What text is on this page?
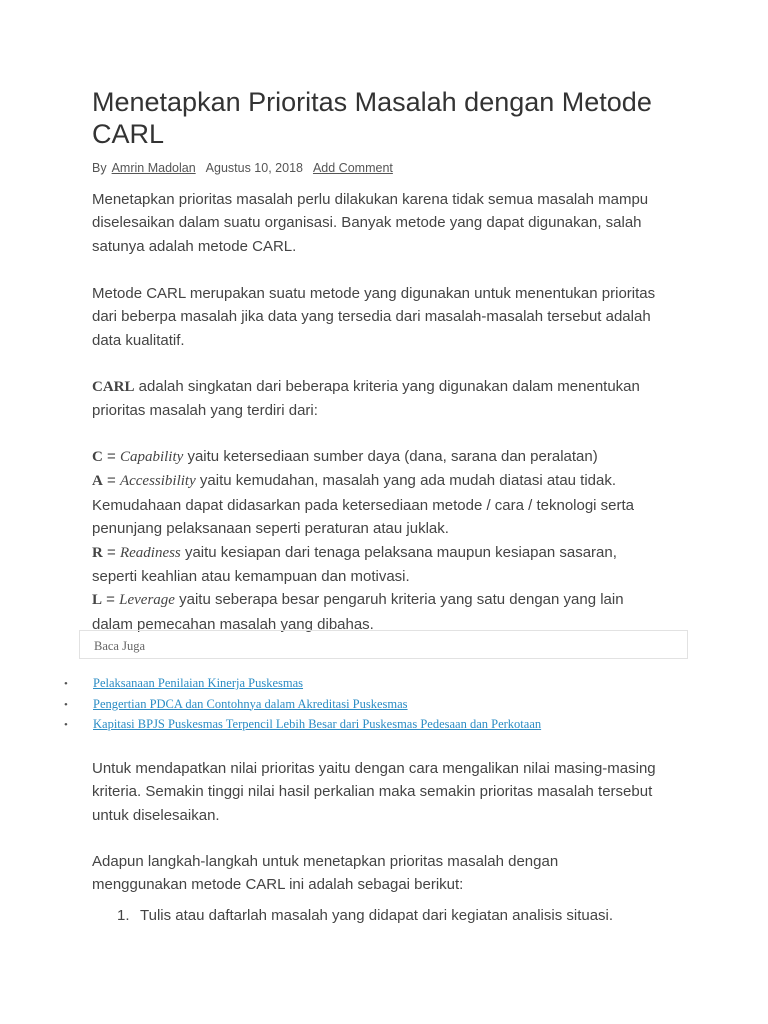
Menetapkan Prioritas Masalah dengan Metode CARL
By Amrin Madolan Agustus 10, 2018 Add Comment

Menetapkan prioritas masalah perlu dilakukan karena tidak semua masalah mampu
diselesaikan dalam suatu organisasi. Banyak metode yang dapat digunakan, salah
satunya adalah metode CARL.

Metode CARL merupakan suatu metode yang digunakan untuk menentukan prioritas
dari beberpa masalah jika data yang tersedia dari masalah-masalah tersebut adalah
data kualitatif.

CARL adalah singkatan dari beberapa kriteria yang digunakan dalam menentukan
prioritas masalah yang terdiri dari:

C = Capability yaitu ketersediaan sumber daya (dana, sarana dan peralatan)
A = Accessibility yaitu kemudahan, masalah yang ada mudah diatasi atau tidak.
Kemudahaan dapat didasarkan pada ketersediaan metode / cara / teknologi serta
penunjang pelaksanaan seperti peraturan atau juklak.
R = Readiness yaitu kesiapan dari tenaga pelaksana maupun kesiapan sasaran,
seperti keahlian atau kemampuan dan motivasi.
L = Leverage yaitu seberapa besar pengaruh kriteria yang satu dengan yang lain
dalam pemecahan masalah yang dibahas.

Baca Juga
• Pelaksanaan Penilaian Kinerja Puskesmas
• Pengertian PDCA dan Contohnya dalam Akreditasi Puskesmas
• Kapitasi BPJS Puskesmas Terpencil Lebih Besar dari Puskesmas Pedesaan dan Perkotaan

Untuk mendapatkan nilai prioritas yaitu dengan cara mengalikan nilai masing-masing
kriteria. Semakin tinggi nilai hasil perkalian maka semakin prioritas masalah tersebut
untuk diselesaikan.

Adapun langkah-langkah untuk menetapkan prioritas masalah dengan
menggunakan metode CARL ini adalah sebagai berikut:

1. Tulis atau daftarlah masalah yang didapat dari kegiatan analisis situasi.
